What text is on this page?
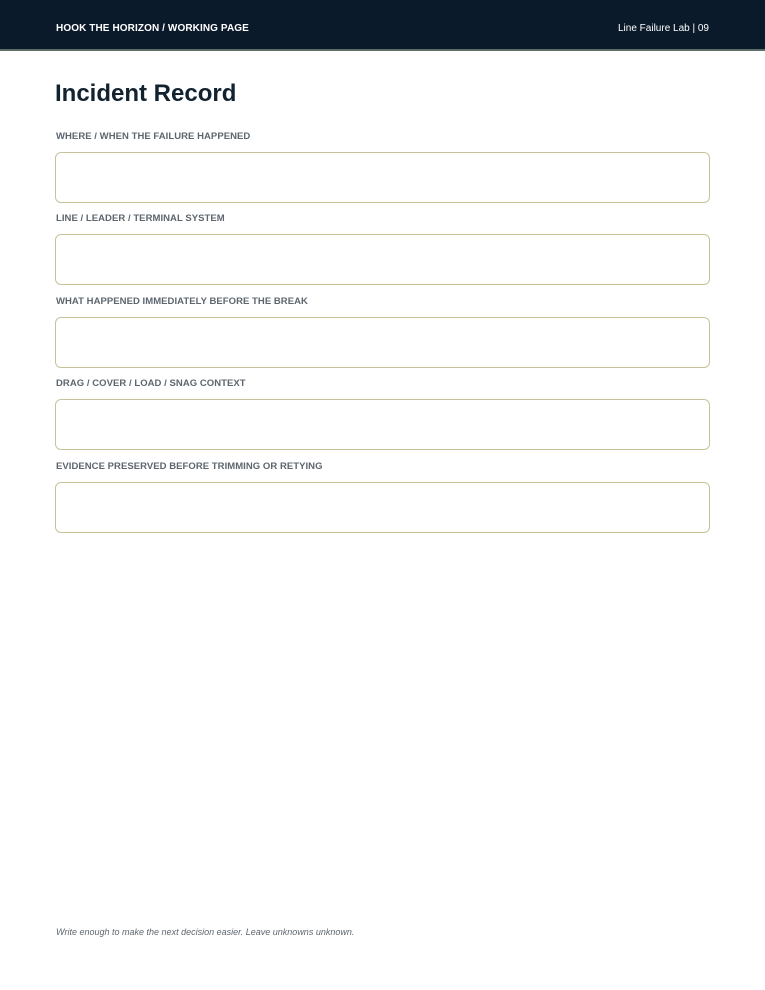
HOOK THE HORIZON / WORKING PAGE	Line Failure Lab | 09
Incident Record
WHERE / WHEN THE FAILURE HAPPENED
LINE / LEADER / TERMINAL SYSTEM
WHAT HAPPENED IMMEDIATELY BEFORE THE BREAK
DRAG / COVER / LOAD / SNAG CONTEXT
EVIDENCE PRESERVED BEFORE TRIMMING OR RETYING
Write enough to make the next decision easier. Leave unknowns unknown.
